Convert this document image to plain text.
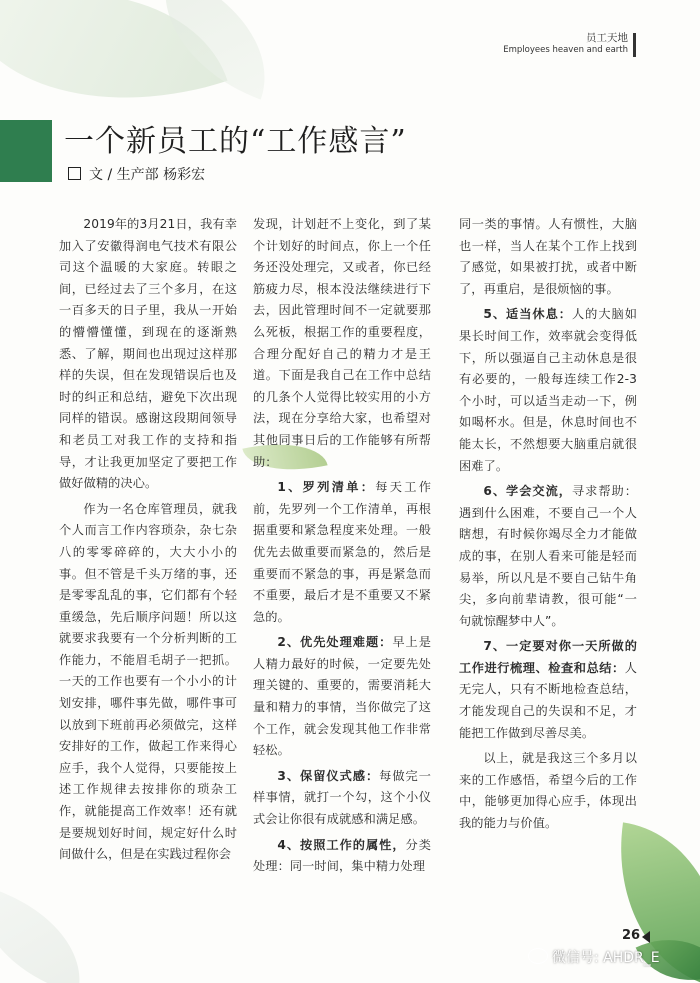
员工天地
Employees heaven and earth
一个新员工的“工作感言”
文 / 生产部 杨彩宏

2019年的3月21日，我有幸加入了安徽得润电气技术有限公司这个温暖的大家庭。转眼之间，已经过去了三个多月，在这一百多天的日子里，我从一开始的懵懵懂懂，到现在的逐渐熟悉、了解，期间也出现过这样那样的失误，但在发现错误后也及时的纠正和总结，避免下次出现同样的错误。感谢这段期间领导和老员工对我工作的支持和指导，才让我更加坚定了要把工作做好做精的决心。

作为一名仓库管理员，就我个人而言工作内容琐杂，杂七杂八的零零碎碎的，大大小小的事。但不管是千头万绪的事，还是零零乱乱的事，它们都有个轻重缓急，先后顺序问题！所以这就要求我要有一个分析判断的工作能力，不能眉毛胡子一把抓。一天的工作也要有一个小小的计划安排，哪件事先做，哪件事可以放到下班前再必须做完，这样安排好的工作，做起工作来得心应手，我个人觉得，只要能按上述工作规律去按排你的琐杂工作，就能提高工作效率！还有就是要规划好时间，规定好什么时间做什么，但是在实践过程你会

发现，计划赶不上变化，到了某个计划好的时间点，你上一个任务还没处理完，又或者，你已经筋疲力尽，根本没法继续进行下去，因此管理时间不一定就要那么死板，根据工作的重要程度，合理分配好自己的精力才是王道。下面是我自己在工作中总结的几条个人觉得比较实用的小方法，现在分享给大家，也希望对其他同事日后的工作能够有所帮助：

1、罗列清单：每天工作前，先罗列一个工作清单，再根据重要和紧急程度来处理。一般优先去做重要而紧急的，然后是重要而不紧急的事，再是紧急而不重要，最后才是不重要又不紧急的。

2、优先处理难题：早上是人精力最好的时候，一定要先处理关键的、重要的，需要消耗大量和精力的事情，当你做完了这个工作，就会发现其他工作非常轻松。

3、保留仪式感：每做完一样事情，就打一个勾，这个小仪式会让你很有成就感和满足感。

4、按照工作的属性，分类处理：同一时间，集中精力处理

同一类的事情。人有惯性，大脑也一样，当人在某个工作上找到了感觉，如果被打扰，或者中断了，再重启，是很烦恼的事。

5、适当休息：人的大脑如果长时间工作，效率就会变得低下，所以强逼自己主动休息是很有必要的，一般每连续工作2-3个小时，可以适当走动一下，例如喝杯水。但是，休息时间也不能太长，不然想要大脑重启就很困难了。

6、学会交流，寻求帮助：遇到什么困难，不要自己一个人瞎想，有时候你竭尽全力才能做成的事，在别人看来可能是轻而易举，所以凡是不要自己钻牛角尖，多向前辈请教，很可能“一句就惊醒梦中人”。

7、一定要对你一天所做的工作进行梳理、检查和总结：人无完人，只有不断地检查总结，才能发现自己的失误和不足，才能把工作做到尽善尽美。

以上，就是我这三个多月以来的工作感悟，希望今后的工作中，能够更加得心应手，体现出我的能力与价值。

26
微信号: AHDR_E
